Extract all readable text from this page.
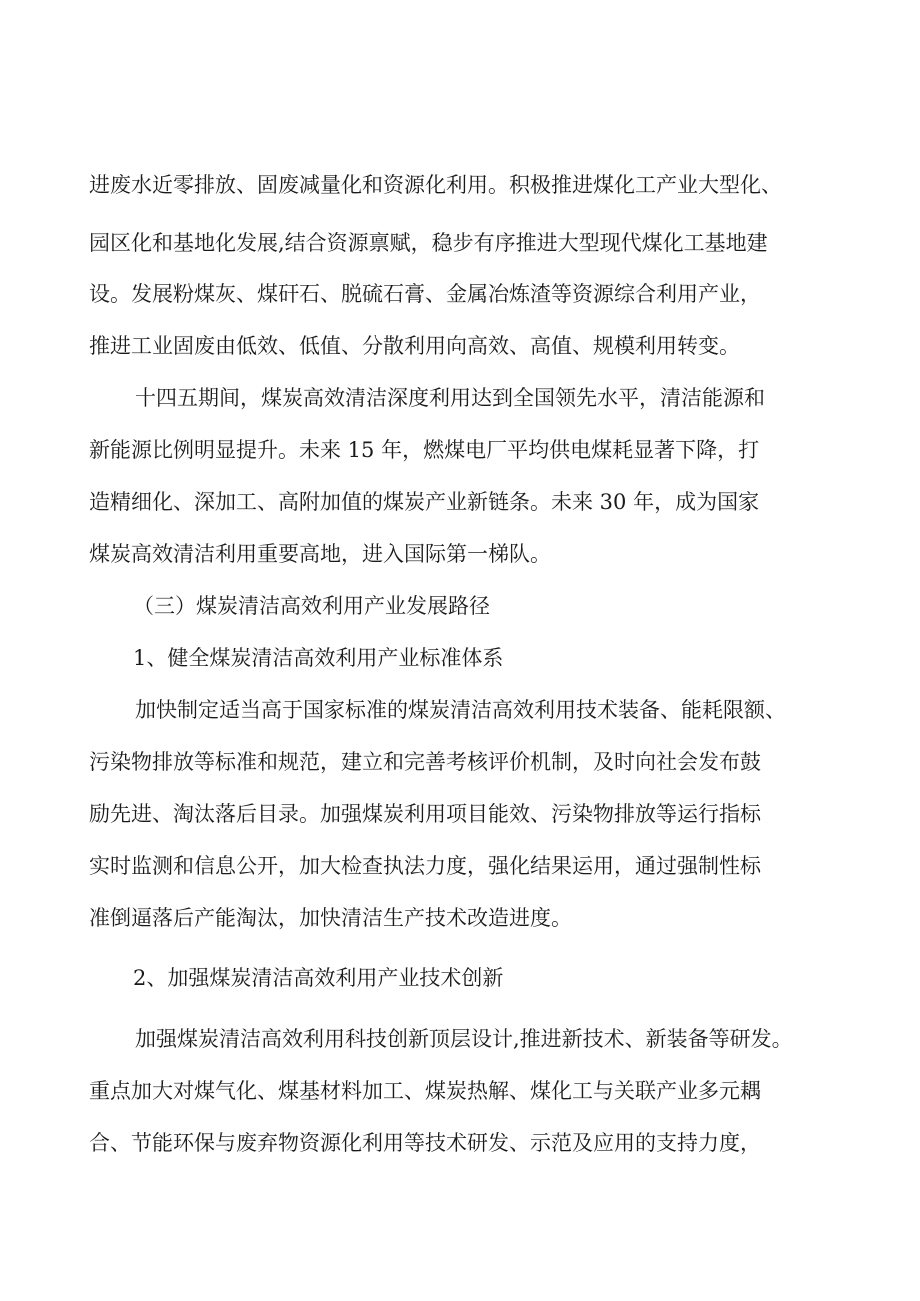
进废水近零排放、固废减量化和资源化利用。积极推进煤化工产业大型化、
园区化和基地化发展,结合资源禀赋，稳步有序推进大型现代煤化工基地建
设。发展粉煤灰、煤矸石、脱硫石膏、金属冶炼渣等资源综合利用产业，
推进工业固废由低效、低值、分散利用向高效、高值、规模利用转变。
十四五期间，煤炭高效清洁深度利用达到全国领先水平，清洁能源和
新能源比例明显提升。未来 15 年，燃煤电厂平均供电煤耗显著下降，打
造精细化、深加工、高附加值的煤炭产业新链条。未来 30 年，成为国家
煤炭高效清洁利用重要高地，进入国际第一梯队。
（三）煤炭清洁高效利用产业发展路径
1、健全煤炭清洁高效利用产业标准体系
加快制定适当高于国家标准的煤炭清洁高效利用技术装备、能耗限额、
污染物排放等标准和规范，建立和完善考核评价机制，及时向社会发布鼓
励先进、淘汰落后目录。加强煤炭利用项目能效、污染物排放等运行指标
实时监测和信息公开，加大检查执法力度，强化结果运用，通过强制性标
准倒逼落后产能淘汰，加快清洁生产技术改造进度。
2、加强煤炭清洁高效利用产业技术创新
加强煤炭清洁高效利用科技创新顶层设计,推进新技术、新装备等研发。
重点加大对煤气化、煤基材料加工、煤炭热解、煤化工与关联产业多元耦
合、节能环保与废弃物资源化利用等技术研发、示范及应用的支持力度，
